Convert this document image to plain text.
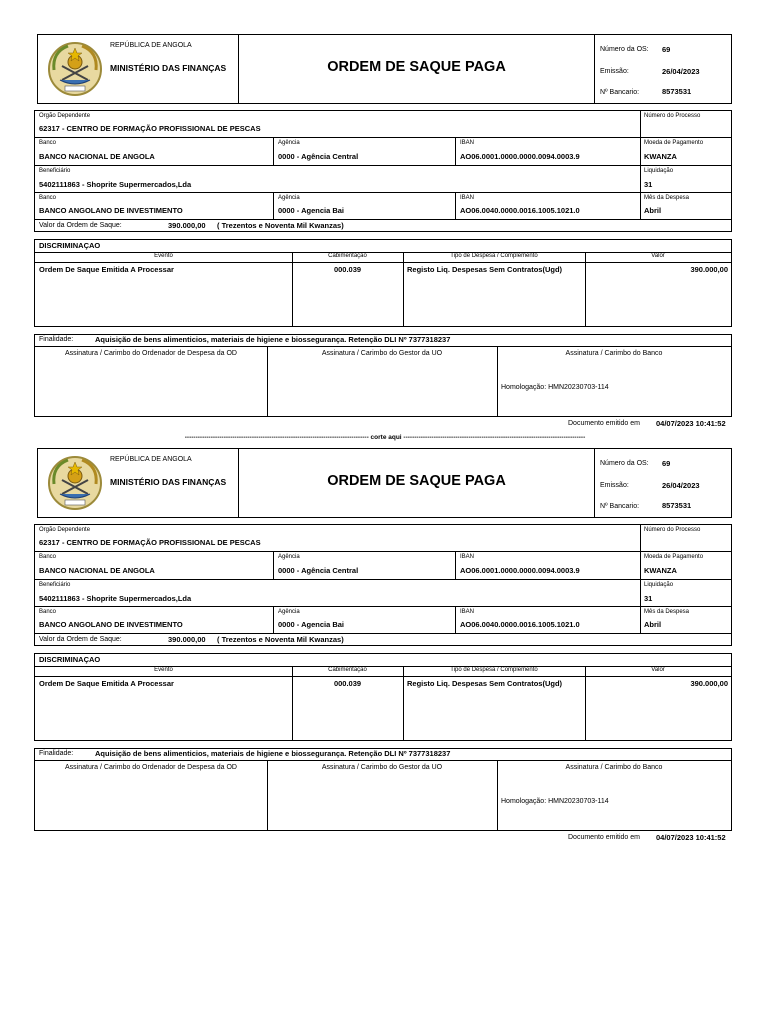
REPÚBLICA DE ANGOLA
MINISTÉRIO DAS FINANÇAS	ORDEM DE SAQUE PAGA
Número da OS: 69
Emissão:	26/04/2023
Nº Bancario:	8573531
Orgão Dependente
62317 - CENTRO DE FORMAÇÃO PROFISSIONAL DE PESCAS
Número do Processo
Banco
BANCO NACIONAL DE ANGOLA
Agência
0000 - Agência Central
IBAN
AO06.0001.0000.0000.0094.0003.9
Moeda de Pagamento
KWANZA
Beneficiário
5402111863 - Shoprite Supermercados,Lda
Liquidação
31
Banco
BANCO ANGOLANO DE INVESTIMENTO
Agência
0000 - Agencia Bai
IBAN
AO06.0040.0000.0016.1005.1021.0
Mês da Despesa
Abril
Valor da Ordem de Saque:	390.000,00 ( Trezentos e Noventa Mil Kwanzas)
DISCRIMINAÇAO
Evento	Cabimentação	Tipo de Despesa / Complemento	Valor
Ordem De Saque Emitida A Processar	000.039	Registo Liq. Despesas Sem Contratos(Ugd)	390.000,00
Finalidade:	Aquisição de bens alimenticios, materiais de higiene e biossegurança. Retenção DLI Nº 7377318237
Assinatura / Carimbo do Ordenador de Despesa da OD	Assinatura / Carimbo do Gestor da UO	Assinatura / Carimbo do Banco
Homologação: HMN20230703-114
Documento emitido em 04/07/2023 10:41:52
REPÚBLICA DE ANGOLA
MINISTÉRIO DAS FINANÇAS	ORDEM DE SAQUE PAGA
Número da OS: 69
Emissão:	26/04/2023
Nº Bancario:	8573531
Orgão Dependente
62317 - CENTRO DE FORMAÇÃO PROFISSIONAL DE PESCAS
Número do Processo
Banco
BANCO NACIONAL DE ANGOLA
Agência
0000 - Agência Central
IBAN
AO06.0001.0000.0000.0094.0003.9
Moeda de Pagamento
KWANZA
Beneficiário
5402111863 - Shoprite Supermercados,Lda
Liquidação
31
Banco
BANCO ANGOLANO DE INVESTIMENTO
Agência
0000 - Agencia Bai
IBAN
AO06.0040.0000.0016.1005.1021.0
Mês da Despesa
Abril
Valor da Ordem de Saque:	390.000,00 ( Trezentos e Noventa Mil Kwanzas)
DISCRIMINAÇAO
Evento	Cabimentação	Tipo de Despesa / Complemento	Valor
Ordem De Saque Emitida A Processar	000.039	Registo Liq. Despesas Sem Contratos(Ugd)	390.000,00
Finalidade:	Aquisição de bens alimenticios, materiais de higiene e biossegurança. Retenção DLI Nº 7377318237
Assinatura / Carimbo do Ordenador de Despesa da OD	Assinatura / Carimbo do Gestor da UO	Assinatura / Carimbo do Banco
Homologação: HMN20230703-114
Documento emitido em 04/07/2023 10:41:52
------------------------------------------------------------------------------------- corte aqui ------------------------------------------------------------------------------------
